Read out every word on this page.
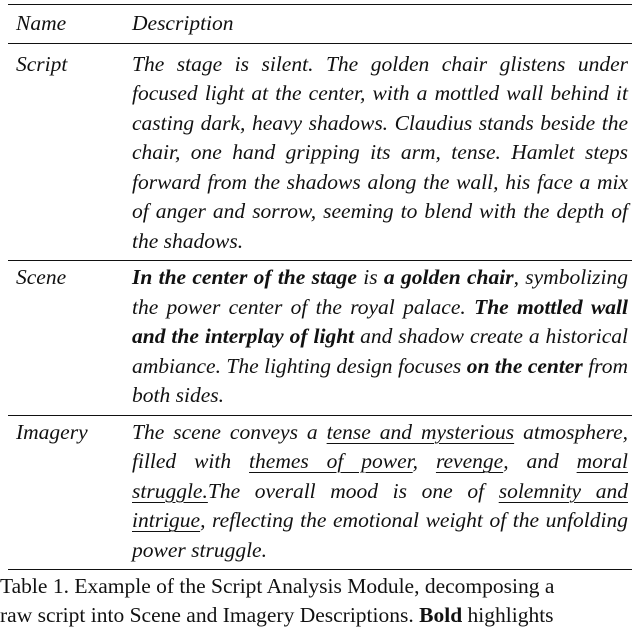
Name	Description
Script	The stage is silent. The golden chair glistens under focused light at the center, with a mottled wall behind it casting dark, heavy shadows. Claudius stands beside the chair, one hand gripping its arm, tense. Hamlet steps forward from the shadows along the wall, his face a mix of anger and sorrow, seeming to blend with the depth of the shadows.
Scene	In the center of the stage is a golden chair, symbolizing the power center of the royal palace. The mottled wall and the interplay of light and shadow create a historical ambiance. The lighting design focuses on the center from both sides.
Imagery	The scene conveys a tense and mysterious atmosphere, filled with themes of power, revenge, and moral struggle.The overall mood is one of solemnity and intrigue, reflecting the emotional weight of the unfolding power struggle.
Table 1. Example of the Script Analysis Module, decomposing a
raw script into Scene and Imagery Descriptions. Bold highlights
